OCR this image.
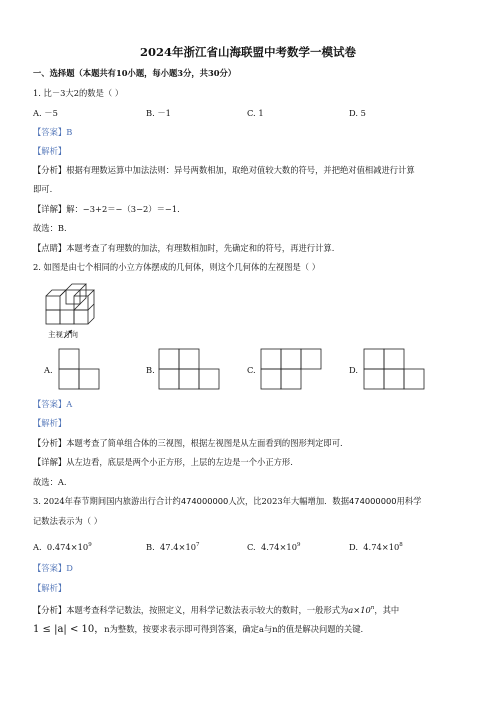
2024年浙江省山海联盟中考数学一模试卷
一、选择题（本题共有10小题，每小题3分，共30分）
1. 比－3大2的数是（ ）
A. －5	B. －1	C. 1	D. 5
【答案】B
【解析】
【分析】根据有理数运算中加法法则：异号两数相加，取绝对值较大数的符号，并把绝对值相减进行计算
即可.
【详解】解：−3+2＝−（3−2）＝−1.
故选：B.
【点睛】本题考查了有理数的加法，有理数相加时，先确定和的符号，再进行计算.
2. 如图是由七个相同的小立方体摆成的几何体，则这个几何体的左视图是（ ）
主视方向
A.	B.	C.	D.
【答案】A
【解析】
【分析】本题考查了简单组合体的三视图，根据左视图是从左面看到的图形判定即可.
【详解】从左边看，底层是两个小正方形，上层的左边是一个小正方形.
故选：A.
3. 2024年春节期间国内旅游出行合计约474000000人次，比2023年大幅增加．数据474000000用科学
记数法表示为（ ）
A. $0.474\times 10^9$	B. $47.4\times 10^7$	C. $4.74\times 10^9$	D. $4.74\times 10^8$
【答案】D
【解析】
【分析】本题考查科学记数法，按照定义，用科学记数法表示较大的数时，一般形式为$a\times 10^n$，其中
1 ≤ |a| < 10，n为整数，按要求表示即可得到答案，确定a与n的值是解决问题的关键.
